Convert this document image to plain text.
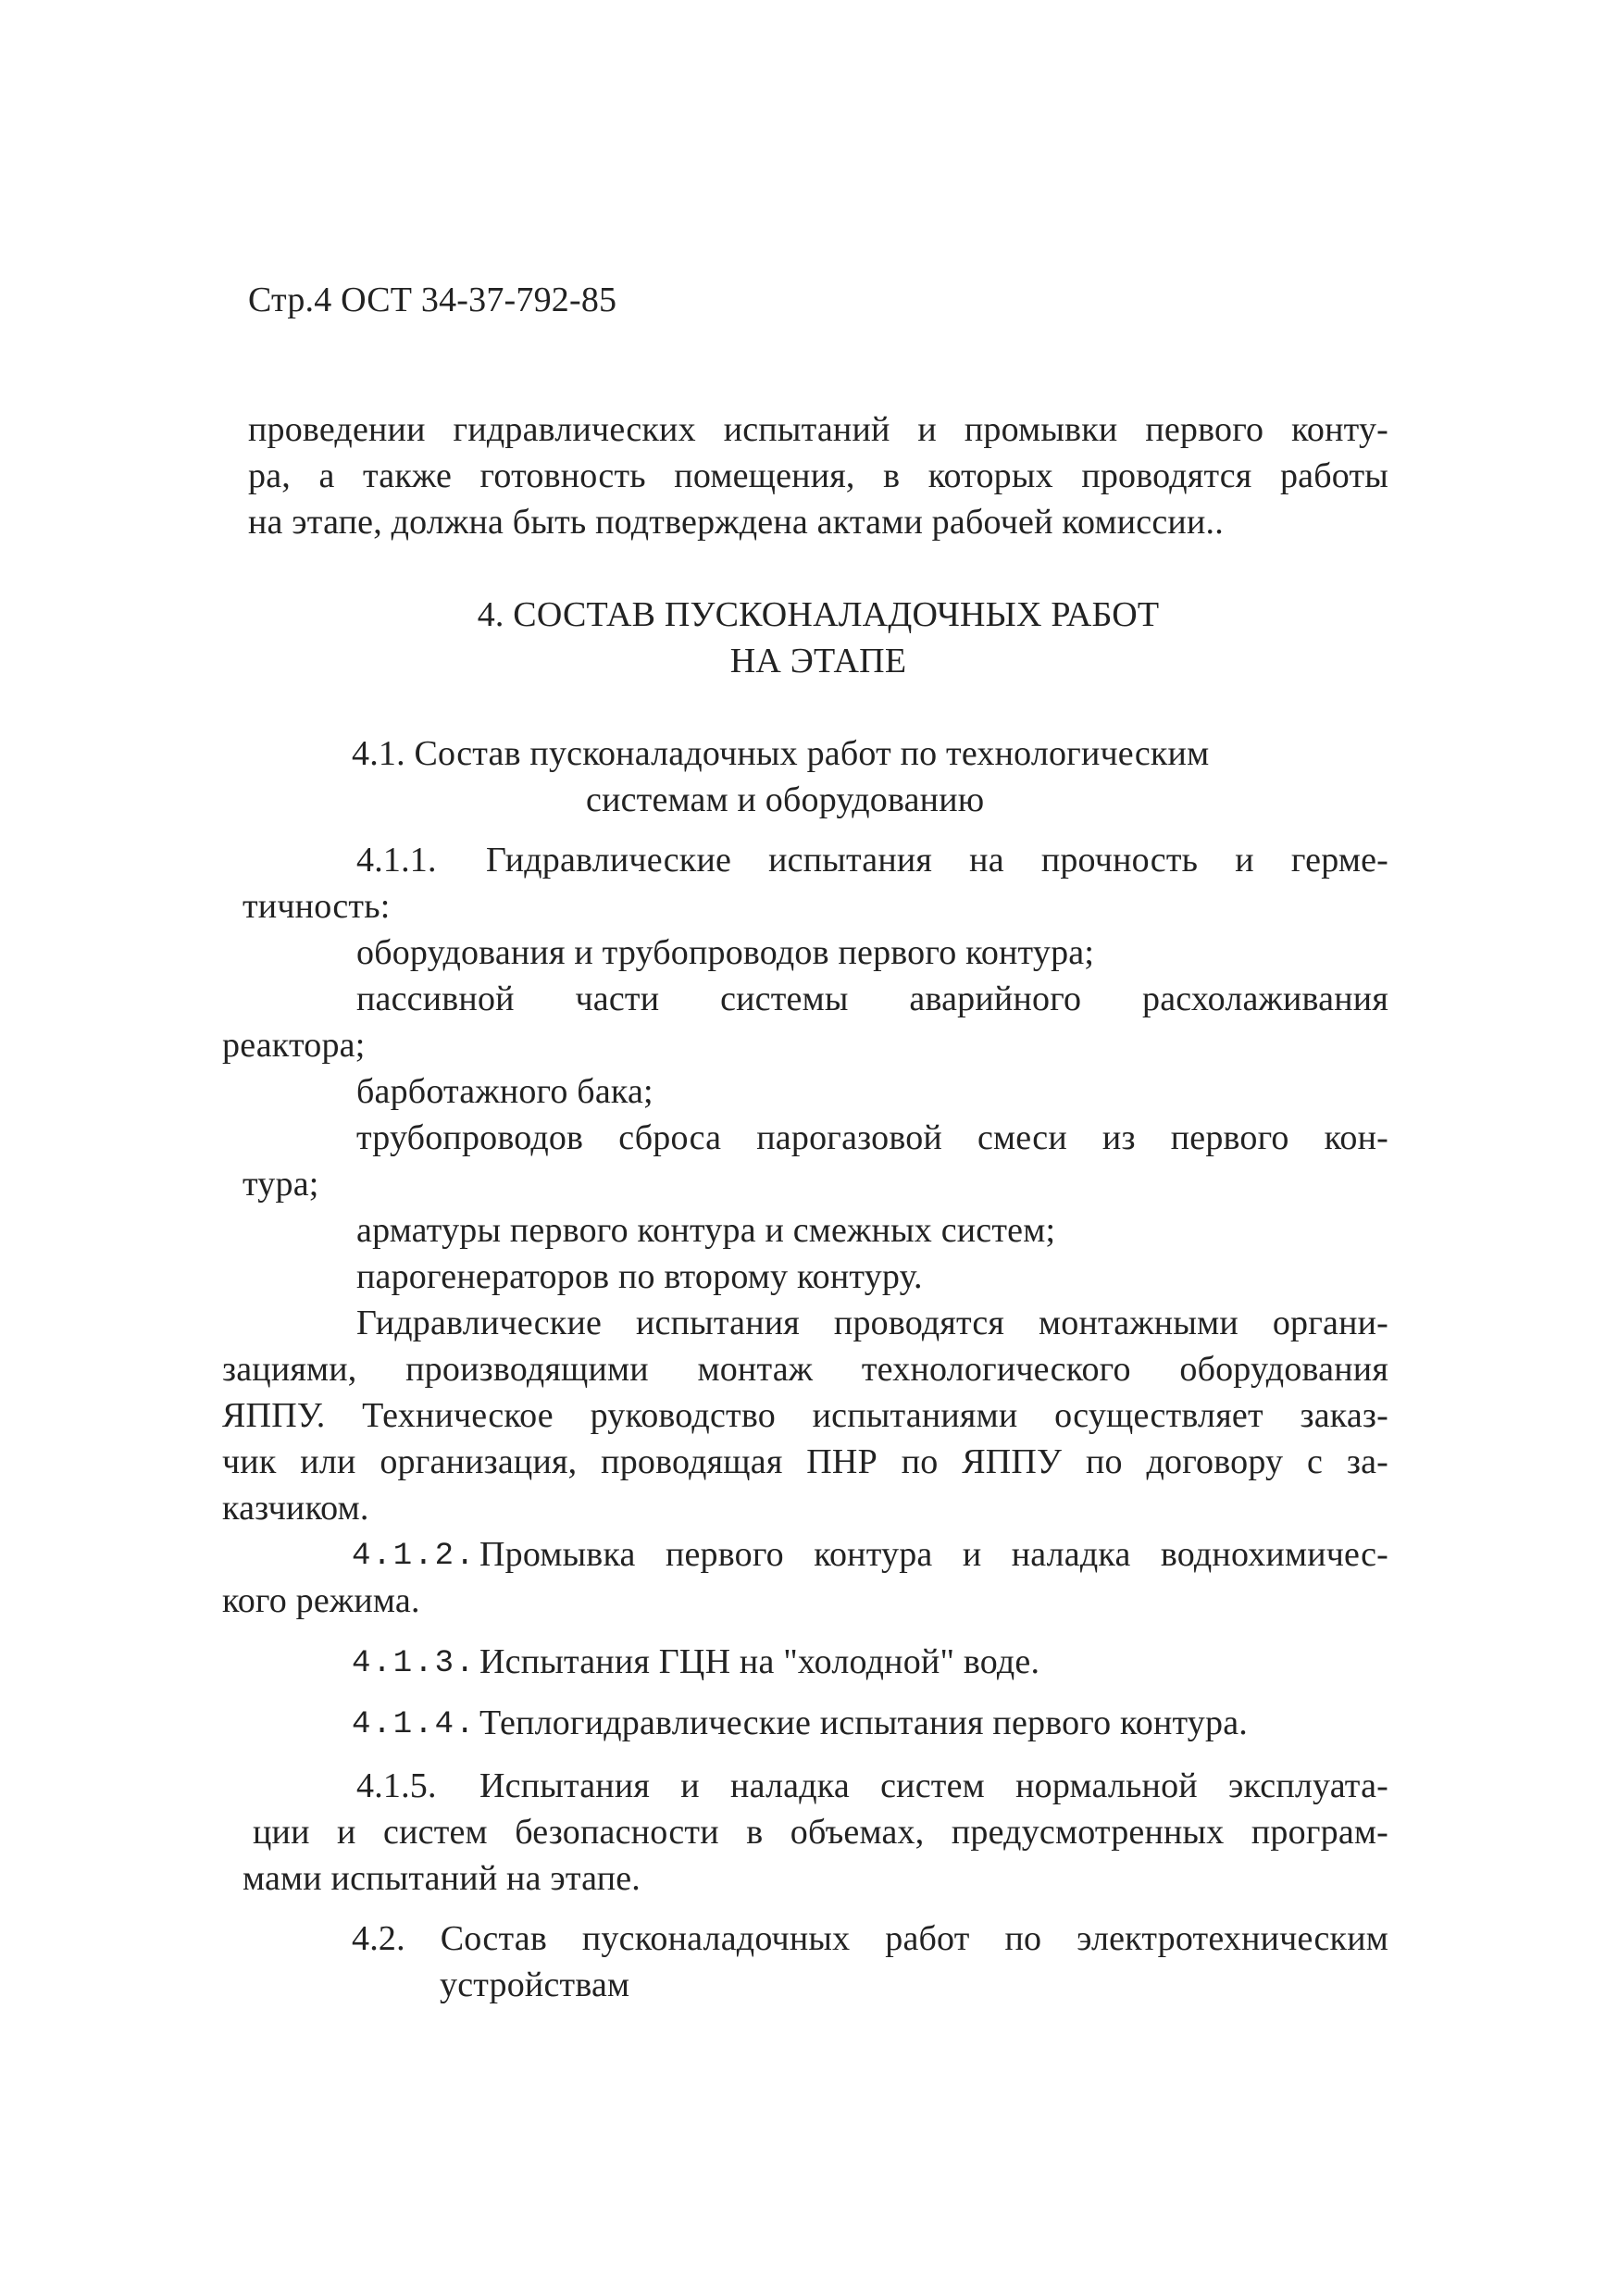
Стр.4 ОСТ 34-37-792-85
проведении гидравлических испытаний и промывки первого конту-
ра, а также готовность помещения, в которых проводятся работы
на этапе, должна быть подтверждена актами рабочей комиссии..
4. СОСТАВ ПУСКОНАЛАДОЧНЫХ РАБОТ
НА ЭТАПЕ
4.1. Состав пусконаладочных работ по технологическим
системам и оборудованию
4.1.1. Гидравлические испытания на прочность и герме-
тичность:
оборудования и трубопроводов первого контура;
пассивной части системы аварийного расхолаживания
реактора;
барботажного бака;
трубопроводов сброса парогазовой смеси из первого кон-
тура;
арматуры первого контура и смежных систем;
парогенераторов по второму контуру.
Гидравлические испытания проводятся монтажными органи-
зациями, производящими монтаж технологического оборудования
ЯППУ. Техническое руководство испытаниями осуществляет заказ-
чик или организация, проводящая ПНР по ЯППУ по договору с за-
казчиком.
4.1.2. Промывка первого контура и наладка воднохимичес-
кого режима.
4.1.3. Испытания ГЦН на "холодной" воде.
4.1.4. Теплогидравлические испытания первого контура.
4.1.5. Испытания и наладка систем нормальной эксплуата-
ции и систем безопасности в объемах, предусмотренных програм-
мами испытаний на этапе.
4.2. Состав пусконаладочных работ по электротехническим
устройствам
